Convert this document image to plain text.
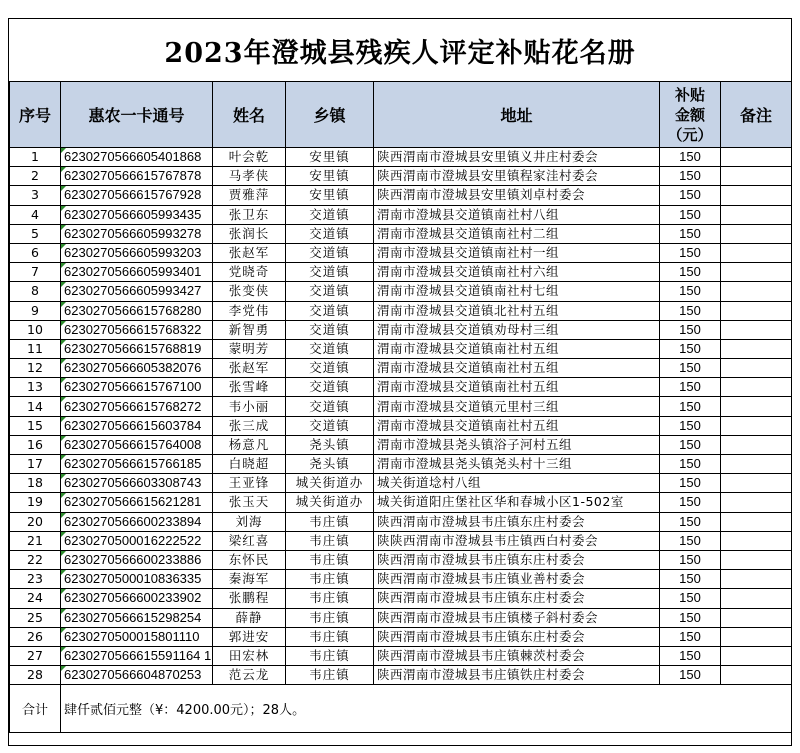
2023年澄城县残疾人评定补贴花名册
序号	惠农一卡通号	姓名	乡镇	地址	补贴
金额
（元）	备注
1	6230270566605401868	叶会乾	安里镇	陕西渭南市澄城县安里镇义井庄村委会	150	
2	6230270566615767878	马孝侠	安里镇	陕西渭南市澄城县安里镇程家洼村委会	150	
3	6230270566615767928	贾雅萍	安里镇	陕西渭南市澄城县安里镇刘卓村委会	150	
4	6230270566605993435	张卫东	交道镇	渭南市澄城县交道镇南社村八组	150	
5	6230270566605993278	张润长	交道镇	渭南市澄城县交道镇南社村二组	150	
6	6230270566605993203	张赵军	交道镇	渭南市澄城县交道镇南社村一组	150	
7	6230270566605993401	党晓奇	交道镇	渭南市澄城县交道镇南社村六组	150	
8	6230270566605993427	张变侠	交道镇	渭南市澄城县交道镇南社村七组	150	
9	6230270566615768280	李党伟	交道镇	渭南市澄城县交道镇北社村五组	150	
10	6230270566615768322	新智勇	交道镇	渭南市澄城县交道镇劝母村三组	150	
11	6230270566615768819	蒙明芳	交道镇	渭南市澄城县交道镇南社村五组	150	
12	6230270566605382076	张赵军	交道镇	渭南市澄城县交道镇南社村五组	150	
13	6230270566615767100	张雪峰	交道镇	渭南市澄城县交道镇南社村五组	150	
14	6230270566615768272	韦小丽	交道镇	渭南市澄城县交道镇元里村三组	150	
15	6230270566615603784	张三成	交道镇	渭南市澄城县交道镇南社村五组	150	
16	6230270566615764008	杨意凡	尧头镇	渭南市澄城县尧头镇浴子河村五组	150	
17	6230270566615766185	白晓超	尧头镇	渭南市澄城县尧头镇尧头村十三组	150	
18	6230270566603308743	王亚锋	城关街道办	城关街道埝村八组	150	
19	6230270566615621281	张玉天	城关街道办	城关街道阳庄堡社区华和春城小区1-502室	150	
20	6230270566600233894	刘海	韦庄镇	陕西渭南市澄城县韦庄镇东庄村委会	150	
21	6230270500016222522	梁红喜	韦庄镇	陕陕西渭南市澄城县韦庄镇西白村委会	150	
22	6230270566600233886	东怀民	韦庄镇	陕西渭南市澄城县韦庄镇东庄村委会	150	
23	6230270500010836335	秦海军	韦庄镇	陕西渭南市澄城县韦庄镇业善村委会	150	
24	6230270566600233902	张鹏程	韦庄镇	陕西渭南市澄城县韦庄镇东庄村委会	150	
25	6230270566615298254	薛静	韦庄镇	陕西渭南市澄城县韦庄镇楼子斜村委会	150	
26	6230270500015801110	郭进安	韦庄镇	陕西渭南市澄城县韦庄镇东庄村委会	150	
27	6230270566615591164 1	田宏林	韦庄镇	陕西渭南市澄城县韦庄镇棘茨村委会	150	
28	6230270566604870253	范云龙	韦庄镇	陕西渭南市澄城县韦庄镇铁庄村委会	150	
合计	肆仟贰佰元整（¥：4200.00元）；28人。					
